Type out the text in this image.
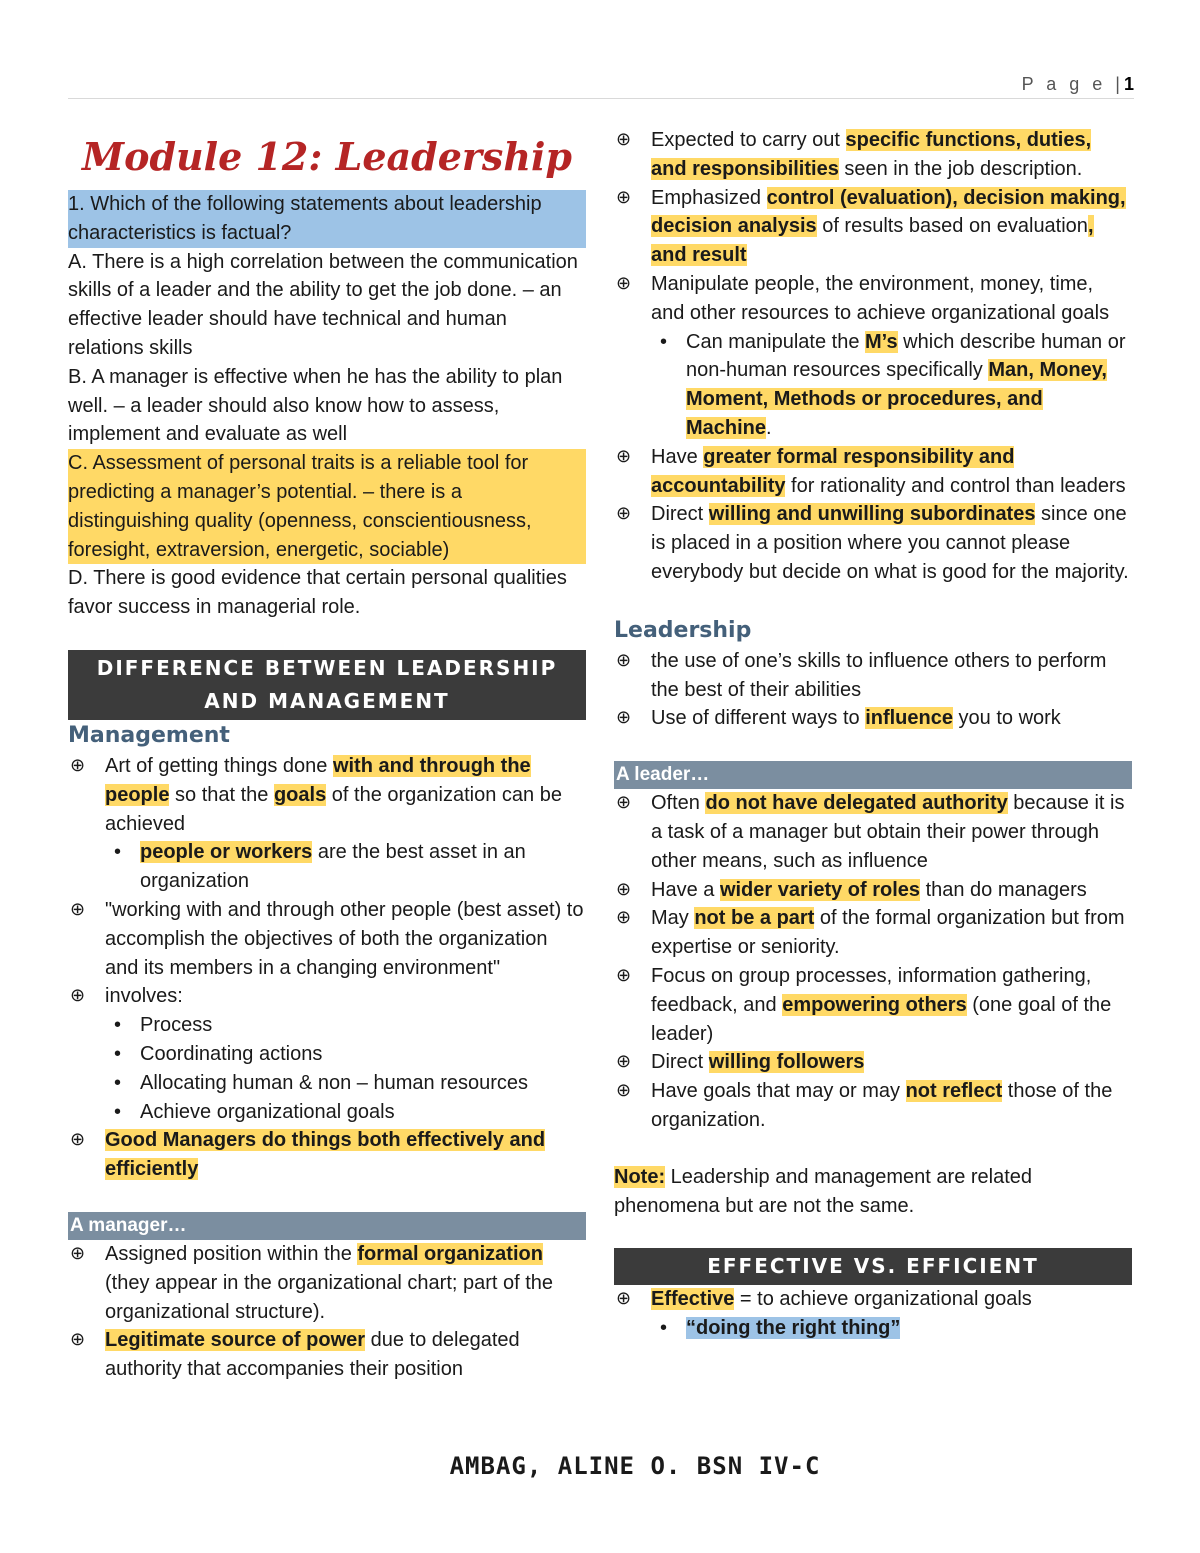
P a g e |1
Module 12: Leadership
1. Which of the following statements about leadership characteristics is factual?
A. There is a high correlation between the communication skills of a leader and the ability to get the job done. – an effective leader should have technical and human relations skills
B. A manager is effective when he has the ability to plan well. – a leader should also know how to assess, implement and evaluate as well
C. Assessment of personal traits is a reliable tool for predicting a manager’s potential. – there is a distinguishing quality (openness, conscientiousness, foresight, extraversion, energetic, sociable)
D. There is good evidence that certain personal qualities favor success in managerial role.
DIFFERENCE BETWEEN LEADERSHIP
AND MANAGEMENT
Management
⊕ Art of getting things done with and through the people so that the goals of the organization can be achieved
• people or workers are the best asset in an organization
⊕ "working with and through other people (best asset) to accomplish the objectives of both the organization and its members in a changing environment"
⊕ involves:
• Process
• Coordinating actions
• Allocating human & non – human resources
• Achieve organizational goals
⊕ Good Managers do things both effectively and efficiently
A manager…
⊕ Assigned position within the formal organization (they appear in the organizational chart; part of the organizational structure).
⊕ Legitimate source of power due to delegated authority that accompanies their position
⊕ Expected to carry out specific functions, duties, and responsibilities seen in the job description.
⊕ Emphasized control (evaluation), decision making, decision analysis of results based on evaluation, and result
⊕ Manipulate people, the environment, money, time, and other resources to achieve organizational goals
• Can manipulate the M’s which describe human or non-human resources specifically Man, Money, Moment, Methods or procedures, and Machine.
⊕ Have greater formal responsibility and accountability for rationality and control than leaders
⊕ Direct willing and unwilling subordinates since one is placed in a position where you cannot please everybody but decide on what is good for the majority.
Leadership
⊕ the use of one’s skills to influence others to perform the best of their abilities
⊕ Use of different ways to influence you to work
A leader…
⊕ Often do not have delegated authority because it is a task of a manager but obtain their power through other means, such as influence
⊕ Have a wider variety of roles than do managers
⊕ May not be a part of the formal organization but from expertise or seniority.
⊕ Focus on group processes, information gathering, feedback, and empowering others (one goal of the leader)
⊕ Direct willing followers
⊕ Have goals that may or may not reflect those of the organization.
Note: Leadership and management are related phenomena but are not the same.
EFFECTIVE VS. EFFICIENT
⊕ Effective = to achieve organizational goals
• “doing the right thing”
AMBAG, ALINE O. BSN IV-C
